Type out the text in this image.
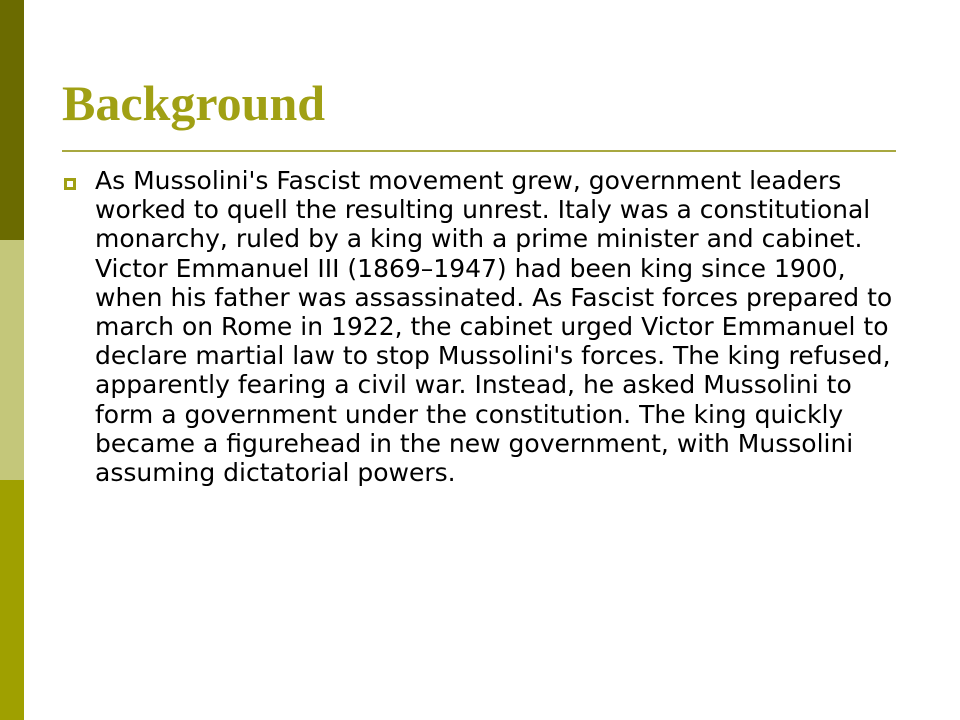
Background

As Mussolini's Fascist movement grew, government leaders worked to quell the resulting unrest. Italy was a constitutional monarchy, ruled by a king with a prime minister and cabinet. Victor Emmanuel III (1869–1947) had been king since 1900, when his father was assassinated. As Fascist forces prepared to march on Rome in 1922, the cabinet urged Victor Emmanuel to declare martial law to stop Mussolini's forces. The king refused, apparently fearing a civil war. Instead, he asked Mussolini to form a government under the constitution. The king quickly became a figurehead in the new government, with Mussolini assuming dictatorial powers.
